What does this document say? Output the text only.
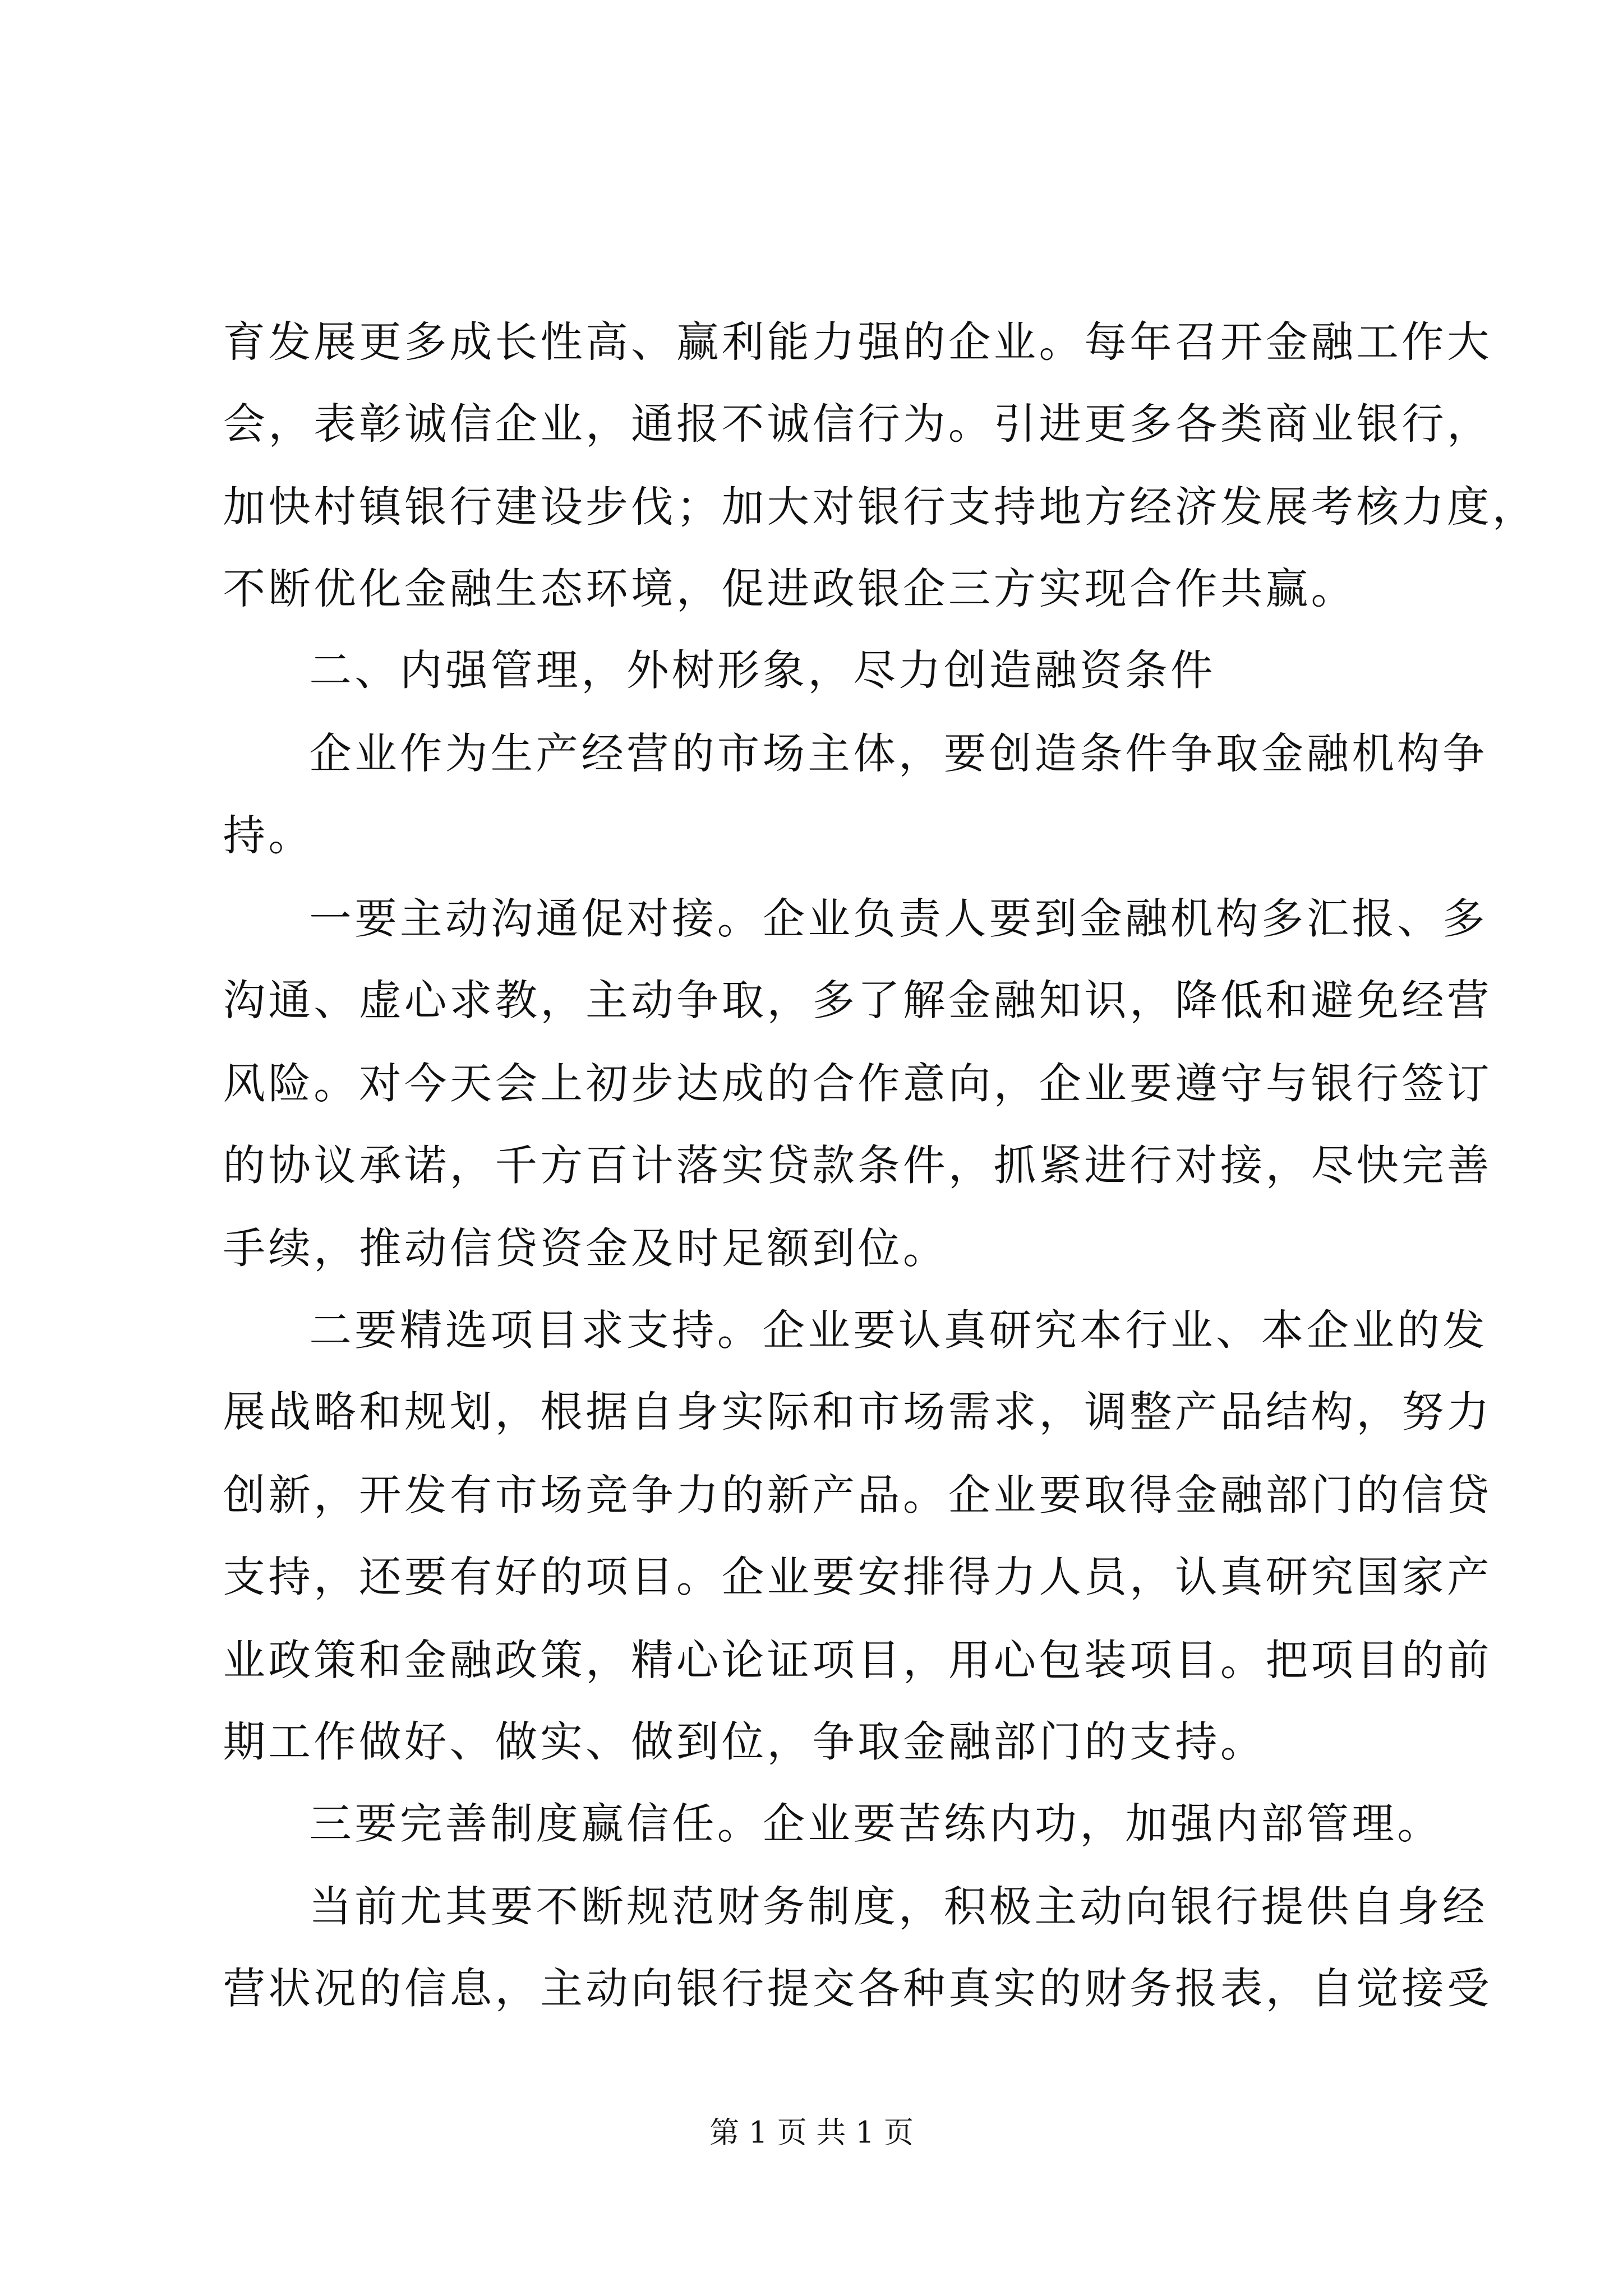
育发展更多成长性高、赢利能力强的企业。每年召开金融工作大
会，表彰诚信企业，通报不诚信行为。引进更多各类商业银行，
加快村镇银行建设步伐；加大对银行支持地方经济发展考核力度，
不断优化金融生态环境，促进政银企三方实现合作共赢。
二、内强管理，外树形象，尽力创造融资条件
企业作为生产经营的市场主体，要创造条件争取金融机构争
持。
一要主动沟通促对接。企业负责人要到金融机构多汇报、多
沟通、虚心求教，主动争取，多了解金融知识，降低和避免经营
风险。对今天会上初步达成的合作意向，企业要遵守与银行签订
的协议承诺，千方百计落实贷款条件，抓紧进行对接，尽快完善
手续，推动信贷资金及时足额到位。
二要精选项目求支持。企业要认真研究本行业、本企业的发
展战略和规划，根据自身实际和市场需求，调整产品结构，努力
创新，开发有市场竞争力的新产品。企业要取得金融部门的信贷
支持，还要有好的项目。企业要安排得力人员，认真研究国家产
业政策和金融政策，精心论证项目，用心包装项目。把项目的前
期工作做好、做实、做到位，争取金融部门的支持。
三要完善制度赢信任。企业要苦练内功，加强内部管理。
当前尤其要不断规范财务制度，积极主动向银行提供自身经
营状况的信息，主动向银行提交各种真实的财务报表，自觉接受
第 1 页 共 1 页
